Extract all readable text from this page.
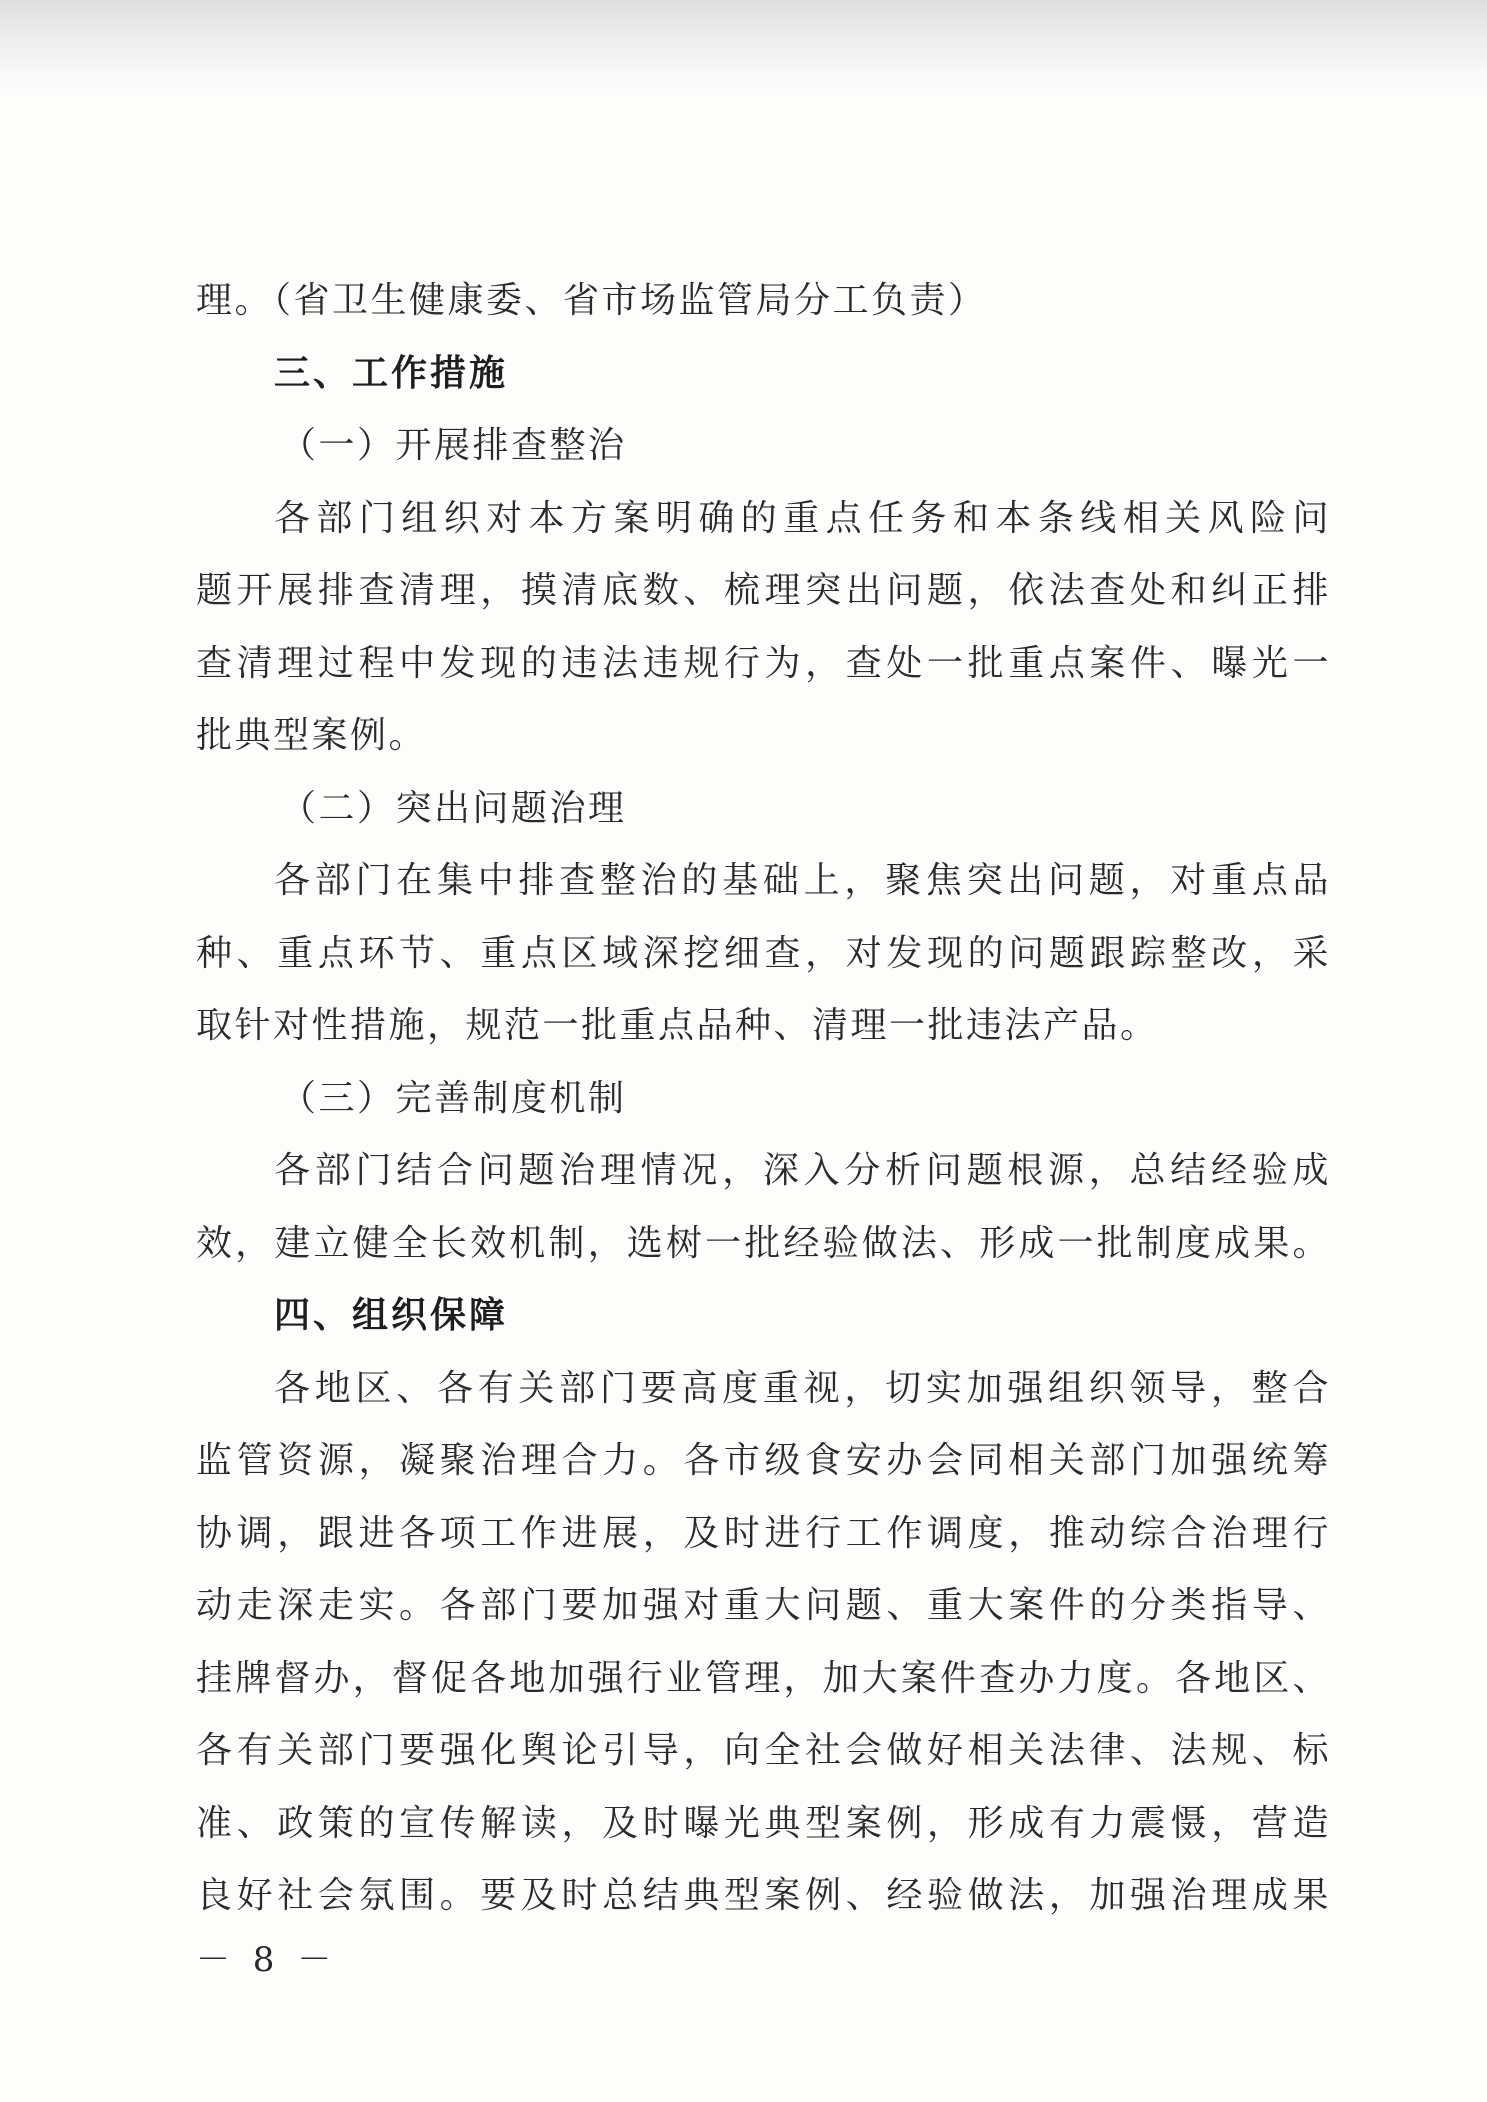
理。（省卫生健康委、省市场监管局分工负责）
三、工作措施
（一）开展排查整治
各部门组织对本方案明确的重点任务和本条线相关风险问
题开展排查清理，摸清底数、梳理突出问题，依法查处和纠正排
查清理过程中发现的违法违规行为，查处一批重点案件、曝光一
批典型案例。
（二）突出问题治理
各部门在集中排查整治的基础上，聚焦突出问题，对重点品
种、重点环节、重点区域深挖细查，对发现的问题跟踪整改，采
取针对性措施，规范一批重点品种、清理一批违法产品。
（三）完善制度机制
各部门结合问题治理情况，深入分析问题根源，总结经验成
效，建立健全长效机制，选树一批经验做法、形成一批制度成果。
四、组织保障
各地区、各有关部门要高度重视，切实加强组织领导，整合
监管资源，凝聚治理合力。各市级食安办会同相关部门加强统筹
协调，跟进各项工作进展，及时进行工作调度，推动综合治理行
动走深走实。各部门要加强对重大问题、重大案件的分类指导、
挂牌督办，督促各地加强行业管理，加大案件查办力度。各地区、
各有关部门要强化舆论引导，向全社会做好相关法律、法规、标
准、政策的宣传解读，及时曝光典型案例，形成有力震慑，营造
良好社会氛围。要及时总结典型案例、经验做法，加强治理成果
－ 8 －
